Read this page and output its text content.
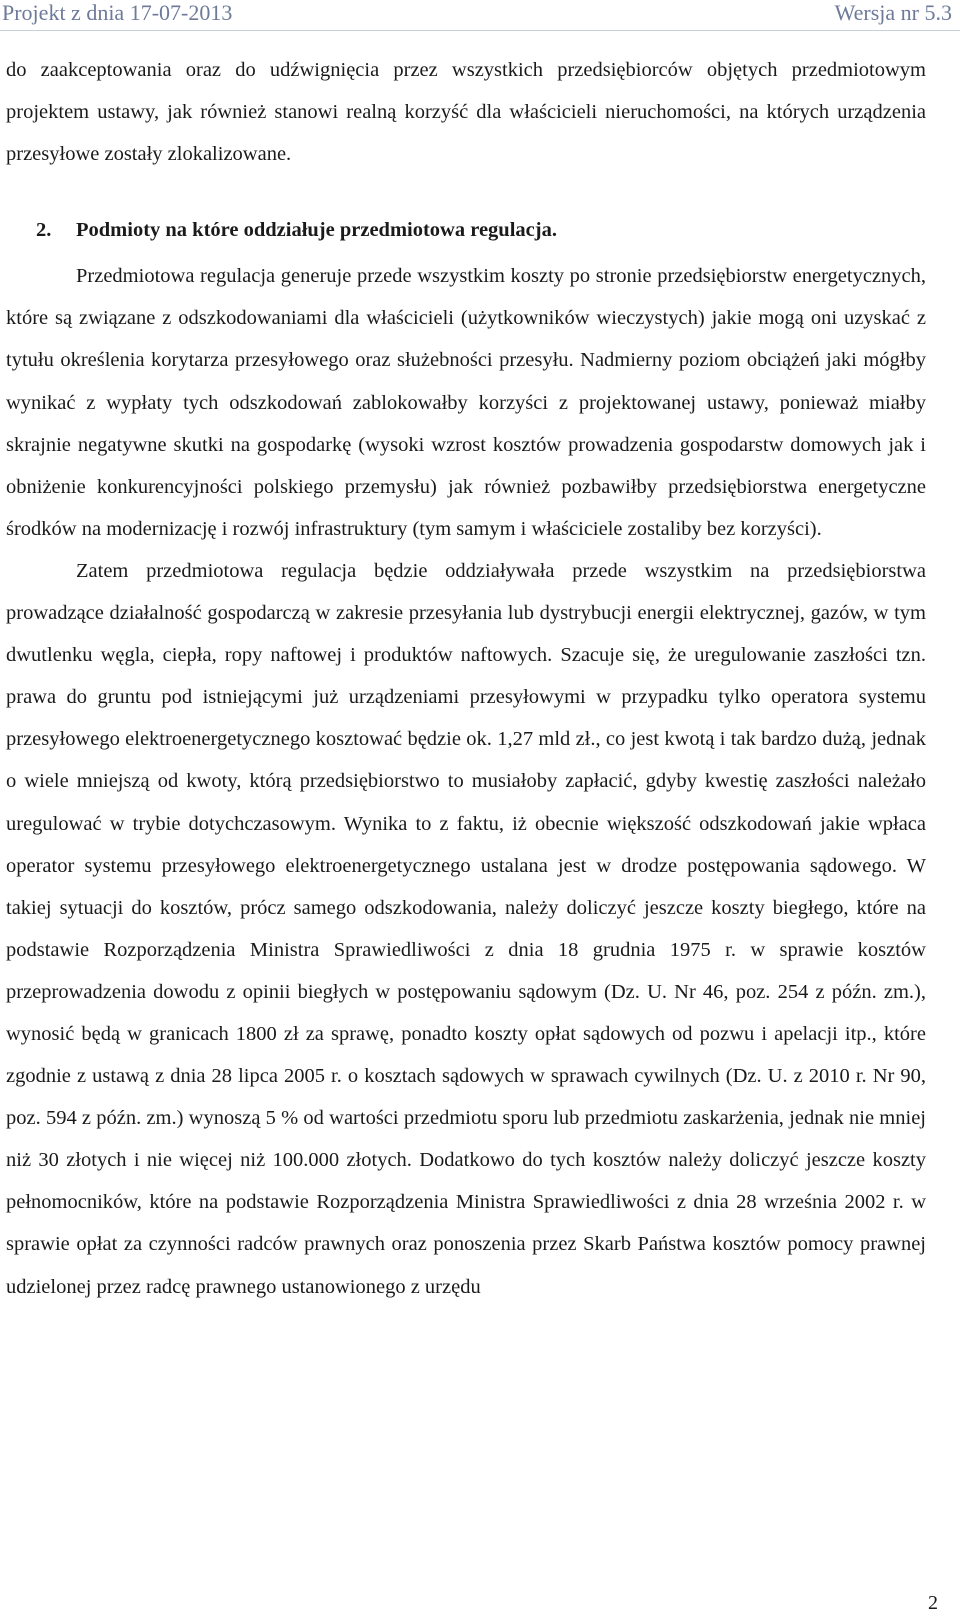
Projekt z dnia 17-07-2013	Wersja nr 5.3

do zaakceptowania oraz do udźwignięcia przez wszystkich przedsiębiorców objętych przedmiotowym projektem ustawy, jak również stanowi realną korzyść dla właścicieli nieruchomości, na których urządzenia przesyłowe zostały zlokalizowane.

2. Podmioty na które oddziałuje przedmiotowa regulacja.

Przedmiotowa regulacja generuje przede wszystkim koszty po stronie przedsiębiorstw energetycznych, które są związane z odszkodowaniami dla właścicieli (użytkowników wieczystych) jakie mogą oni uzyskać z tytułu określenia korytarza przesyłowego oraz służebności przesyłu. Nadmierny poziom obciążeń jaki mógłby wynikać z wypłaty tych odszkodowań zablokowałby korzyści z projektowanej ustawy, ponieważ miałby skrajnie negatywne skutki na gospodarkę (wysoki wzrost kosztów prowadzenia gospodarstw domowych jak i obniżenie konkurencyjności polskiego przemysłu) jak również pozbawiłby przedsiębiorstwa energetyczne środków na modernizację i rozwój infrastruktury (tym samym i właściciele zostaliby bez korzyści).

Zatem przedmiotowa regulacja będzie oddziaływała przede wszystkim na przedsiębiorstwa prowadzące działalność gospodarczą w zakresie przesyłania lub dystrybucji energii elektrycznej, gazów, w tym dwutlenku węgla, ciepła, ropy naftowej i produktów naftowych. Szacuje się, że uregulowanie zaszłości tzn. prawa do gruntu pod istniejącymi już urządzeniami przesyłowymi w przypadku tylko operatora systemu przesyłowego elektroenergetycznego kosztować będzie ok. 1,27 mld zł., co jest kwotą i tak bardzo dużą, jednak o wiele mniejszą od kwoty, którą przedsiębiorstwo to musiałoby zapłacić, gdyby kwestię zaszłości należało uregulować w trybie dotychczasowym. Wynika to z faktu, iż obecnie większość odszkodowań jakie wpłaca operator systemu przesyłowego elektroenergetycznego ustalana jest w drodze postępowania sądowego. W takiej sytuacji do kosztów, prócz samego odszkodowania, należy doliczyć jeszcze koszty biegłego, które na podstawie Rozporządzenia Ministra Sprawiedliwości z dnia 18 grudnia 1975 r. w sprawie kosztów przeprowadzenia dowodu z opinii biegłych w postępowaniu sądowym (Dz. U. Nr 46, poz. 254 z późn. zm.), wynosić będą w granicach 1800 zł za sprawę, ponadto koszty opłat sądowych od pozwu i apelacji itp., które zgodnie z ustawą z dnia 28 lipca 2005 r. o kosztach sądowych w sprawach cywilnych (Dz. U. z 2010 r. Nr 90, poz. 594 z późn. zm.) wynoszą 5 % od wartości przedmiotu sporu lub przedmiotu zaskarżenia, jednak nie mniej niż 30 złotych i nie więcej niż 100.000 złotych. Dodatkowo do tych kosztów należy doliczyć jeszcze koszty pełnomocników, które na podstawie Rozporządzenia Ministra Sprawiedliwości z dnia 28 września 2002 r. w sprawie opłat za czynności radców prawnych oraz ponoszenia przez Skarb Państwa kosztów pomocy prawnej udzielonej przez radcę prawnego ustanowionego z urzędu

2
